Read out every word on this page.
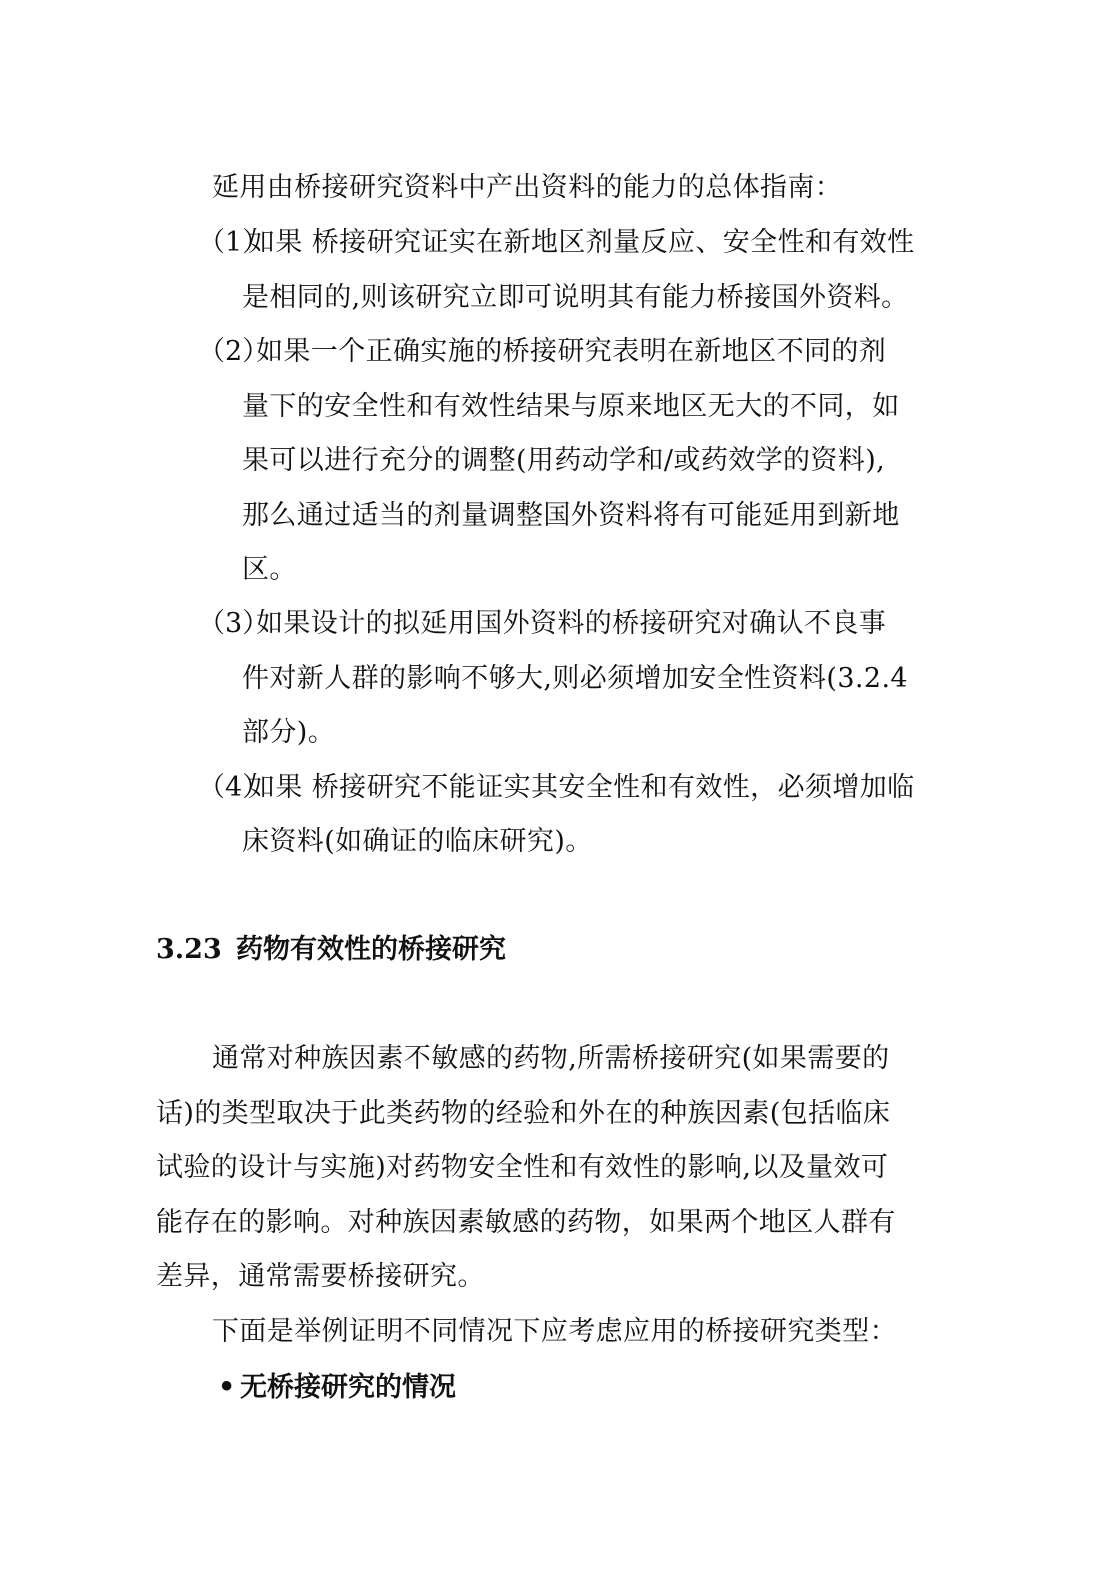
延用由桥接研究资料中产出资料的能力的总体指南：
（1）
如果 桥接研究证实在新地区剂量反应、安全性和有效性
是相同的,则该研究立即可说明其有能力桥接国外资料。
（2）
如果一个正确实施的桥接研究表明在新地区不同的剂
量下的安全性和有效性结果与原来地区无大的不同，如
果可以进行充分的调整(用药动学和/或药效学的资料),
那么通过适当的剂量调整国外资料将有可能延用到新地
区。
（3）
如果设计的拟延用国外资料的桥接研究对确认不良事
件对新人群的影响不够大,则必须增加安全性资料(3.2.4
部分)。
（4）
如果 桥接研究不能证实其安全性和有效性，必须增加临
床资料(如确证的临床研究)。
3.23 药物有效性的桥接研究
通常对种族因素不敏感的药物,所需桥接研究(如果需要的
话)的类型取决于此类药物的经验和外在的种族因素(包括临床
试验的设计与实施)对药物安全性和有效性的影响,以及量效可
能存在的影响。对种族因素敏感的药物，如果两个地区人群有
差异，通常需要桥接研究。
下面是举例证明不同情况下应考虑应用的桥接研究类型：
• 无桥接研究的情况
